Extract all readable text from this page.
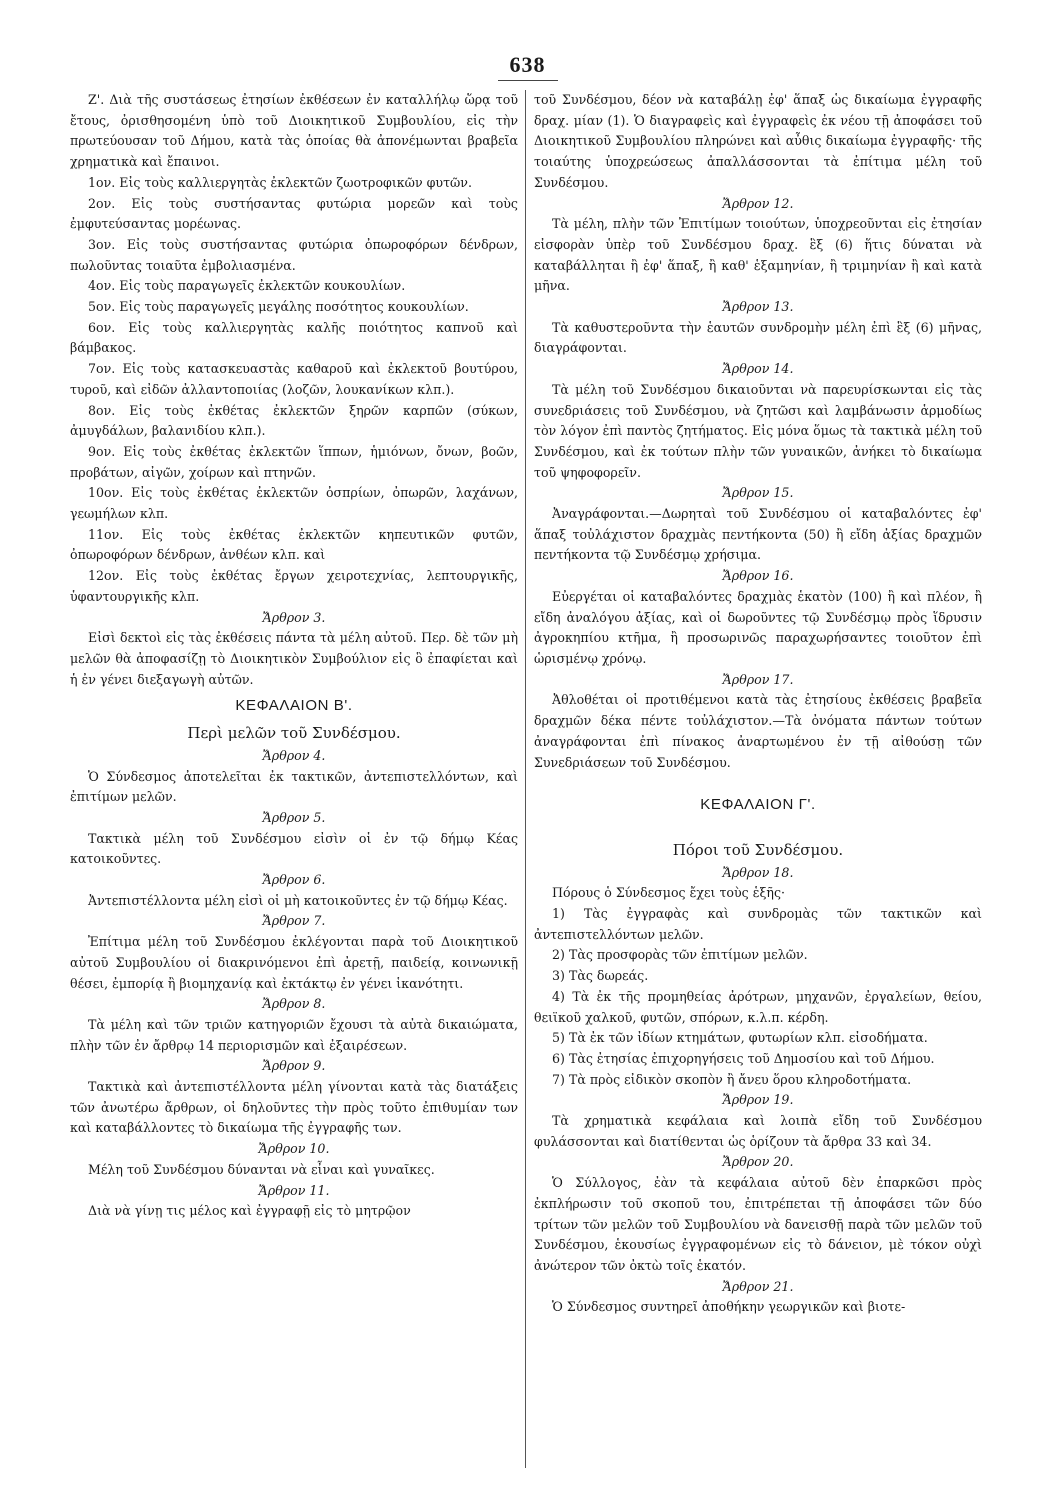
638

Ζ'. Διὰ τῆς συστάσεως ἐτησίων ἐκθέσεων ἐν καταλλήλῳ ὥρᾳ τοῦ ἔτους, ὀρισθησομένη ὑπὸ τοῦ Διοικητικοῦ Συμβουλίου, εἰς τὴν πρωτεύουσαν τοῦ Δήμου, κατὰ τὰς ὁποίας θὰ ἀπονέμωνται βραβεῖα χρηματικὰ καὶ ἔπαινοι.

1ον. Εἰς τοὺς καλλιεργητὰς ἐκλεκτῶν ζωοτροφικῶν φυτῶν.

2ον. Εἰς τοὺς συστήσαντας φυτώρια μορεῶν καὶ τοὺς ἐμφυτεύσαντας μορέωνας.

3ον. Εἰς τοὺς συστήσαντας φυτώρια ὀπωροφόρων δένδρων, πωλοῦντας τοιαῦτα ἐμβολιασμένα.

4ον. Εἰς τοὺς παραγωγεῖς ἐκλεκτῶν κουκουλίων.

5ον. Εἰς τοὺς παραγωγεῖς μεγάλης ποσότητος κουκουλίων.

6ον. Εἰς τοὺς καλλιεργητὰς καλῆς ποιότητος καπνοῦ καὶ βάμβακος.

7ον. Εἰς τοὺς κατασκευαστὰς καθαροῦ καὶ ἐκλεκτοῦ βουτύρου, τυροῦ, καὶ εἰδῶν ἀλλαντοποιίας (λοζῶν, λουκανίκων κλπ.).

8ον. Εἰς τοὺς ἐκθέτας ἐκλεκτῶν ξηρῶν καρπῶν (σύκων, ἀμυγδάλων, βαλανιδίου κλπ.).

9ον. Εἰς τοὺς ἐκθέτας ἐκλεκτῶν ἵππων, ἡμιόνων, ὄνων, βοῶν, προβάτων, αἰγῶν, χοίρων καὶ πτηνῶν.

10ον. Εἰς τοὺς ἐκθέτας ἐκλεκτῶν ὀσπρίων, ὀπωρῶν, λαχάνων, γεωμήλων κλπ.

11ον. Εἰς τοὺς ἐκθέτας ἐκλεκτῶν κηπευτικῶν φυτῶν, ὀπωροφόρων δένδρων, ἀνθέων κλπ. καὶ

12ον. Εἰς τοὺς ἐκθέτας ἔργων χειροτεχνίας, λεπτουργικῆς, ὑφαντουργικῆς κλπ.

Ἄρθρον 3.

Εἰσὶ δεκτοὶ εἰς τὰς ἐκθέσεις πάντα τὰ μέλη αὐτοῦ. Περ. δὲ τῶν μὴ μελῶν θὰ ἀποφασίζῃ τὸ Διοικητικὸν Συμβούλιον εἰς ὃ ἐπαφίεται καὶ ἡ ἐν γένει διεξαγωγὴ αὐτῶν.

ΚΕΦΑΛΑΙΟΝ Β'.
Περὶ μελῶν τοῦ Συνδέσμου.
Ἄρθρον 4.

Ὁ Σύνδεσμος ἀποτελεῖται ἐκ τακτικῶν, ἀντεπιστελλόντων, καὶ ἐπιτίμων μελῶν.

Ἄρθρον 5.

Τακτικὰ μέλη τοῦ Συνδέσμου εἰσὶν οἱ ἐν τῷ δήμῳ Κέας κατοικοῦντες.

Ἄρθρον 6.

Ἀντεπιστέλλοντα μέλη εἰσὶ οἱ μὴ κατοικοῦντες ἐν τῷ δήμῳ Κέας.

Ἄρθρον 7.

Ἐπίτιμα μέλη τοῦ Συνδέσμου ἐκλέγονται παρὰ τοῦ Διοικητικοῦ αὐτοῦ Συμβουλίου οἱ διακρινόμενοι ἐπὶ ἀρετῇ, παιδείᾳ, κοινωνικῇ θέσει, ἐμπορίᾳ ἢ βιομηχανίᾳ καὶ ἐκτάκτῳ ἐν γένει ἱκανότητι.

Ἄρθρον 8.

Τὰ μέλη καὶ τῶν τριῶν κατηγοριῶν ἔχουσι τὰ αὐτὰ δικαιώματα, πλὴν τῶν ἐν ἄρθρῳ 14 περιορισμῶν καὶ ἐξαιρέσεων.

Ἄρθρον 9.

Τακτικὰ καὶ ἀντεπιστέλλοντα μέλη γίνονται κατὰ τὰς διατάξεις τῶν ἀνωτέρω ἄρθρων, οἱ δηλοῦντες τὴν πρὸς τοῦτο ἐπιθυμίαν των καὶ καταβάλλοντες τὸ δικαίωμα τῆς ἐγγραφῆς των.

Ἄρθρον 10.

Μέλη τοῦ Συνδέσμου δύνανται νὰ εἶναι καὶ γυναῖκες.

Ἄρθρον 11.

Διὰ νὰ γίνῃ τις μέλος καὶ ἐγγραφῇ εἰς τὸ μητρῷον

τοῦ Συνδέσμου, δέον νὰ καταβάλῃ ἐφ' ἅπαξ ὡς δικαίωμα ἐγγραφῆς δραχ. μίαν (1). Ὁ διαγραφεὶς καὶ ἐγγραφεὶς ἐκ νέου τῇ ἀποφάσει τοῦ Διοικητικοῦ Συμβουλίου πληρώνει καὶ αὖθις δικαίωμα ἐγγραφῆς· τῆς τοιαύτης ὑποχρεώσεως ἀπαλλάσσονται τὰ ἐπίτιμα μέλη τοῦ Συνδέσμου.

Ἄρθρον 12.

Τὰ μέλη, πλὴν τῶν Ἐπιτίμων τοιούτων, ὑποχρεοῦνται εἰς ἐτησίαν εἰσφορὰν ὑπὲρ τοῦ Συνδέσμου δραχ. ἓξ (6) ἥτις δύναται νὰ καταβάλληται ἢ ἐφ' ἅπαξ, ἢ καθ' ἑξαμηνίαν, ἢ τριμηνίαν ἢ καὶ κατὰ μῆνα.

Ἄρθρον 13.

Τὰ καθυστεροῦντα τὴν ἑαυτῶν συνδρομὴν μέλη ἐπὶ ἓξ (6) μῆνας, διαγράφονται.

Ἄρθρον 14.

Τὰ μέλη τοῦ Συνδέσμου δικαιοῦνται νὰ παρευρίσκωνται εἰς τὰς συνεδριάσεις τοῦ Συνδέσμου, νὰ ζητῶσι καὶ λαμβάνωσιν ἁρμοδίως τὸν λόγον ἐπὶ παντὸς ζητήματος. Εἰς μόνα ὅμως τὰ τακτικὰ μέλη τοῦ Συνδέσμου, καὶ ἐκ τούτων πλὴν τῶν γυναικῶν, ἀνήκει τὸ δικαίωμα τοῦ ψηφοφορεῖν.

Ἄρθρον 15.

Ἀναγράφονται.—Δωρηταὶ τοῦ Συνδέσμου οἱ καταβαλόντες ἐφ' ἅπαξ τοὐλάχιστον δραχμὰς πεντήκοντα (50) ἢ εἴδη ἀξίας δραχμῶν πεντήκοντα τῷ Συνδέσμῳ χρήσιμα.

Ἄρθρον 16.

Εὐεργέται οἱ καταβαλόντες δραχμὰς ἑκατὸν (100) ἢ καὶ πλέον, ἢ εἴδη ἀναλόγου ἀξίας, καὶ οἱ δωροῦντες τῷ Συνδέσμῳ πρὸς ἵδρυσιν ἀγροκηπίου κτῆμα, ἢ προσωρινῶς παραχωρήσαντες τοιοῦτον ἐπὶ ὡρισμένῳ χρόνῳ.

Ἄρθρον 17.

Ἀθλοθέται οἱ προτιθέμενοι κατὰ τὰς ἐτησίους ἐκθέσεις βραβεῖα δραχμῶν δέκα πέντε τοὐλάχιστον.—Τὰ ὀνόματα πάντων τούτων ἀναγράφονται ἐπὶ πίνακος ἀναρτωμένου ἐν τῇ αἰθούσῃ τῶν Συνεδριάσεων τοῦ Συνδέσμου.

ΚΕΦΑΛΑΙΟΝ Γ'.
Πόροι τοῦ Συνδέσμου.
Ἄρθρον 18.

Πόρους ὁ Σύνδεσμος ἔχει τοὺς ἑξῆς·

1) Τὰς ἐγγραφὰς καὶ συνδρομὰς τῶν τακτικῶν καὶ ἀντεπιστελλόντων μελῶν.

2) Τὰς προσφορὰς τῶν ἐπιτίμων μελῶν.

3) Τὰς δωρεάς.

4) Τὰ ἐκ τῆς προμηθείας ἀρότρων, μηχανῶν, ἐργαλείων, θείου, θειϊκοῦ χαλκοῦ, φυτῶν, σπόρων, κ.λ.π. κέρδη.

5) Τὰ ἐκ τῶν ἰδίων κτημάτων, φυτωρίων κλπ. εἰσοδήματα.

6) Τὰς ἐτησίας ἐπιχορηγήσεις τοῦ Δημοσίου καὶ τοῦ Δήμου.

7) Τὰ πρὸς εἰδικὸν σκοπὸν ἢ ἄνευ ὅρου κληροδοτήματα.

Ἄρθρον 19.

Τὰ χρηματικὰ κεφάλαια καὶ λοιπὰ εἴδη τοῦ Συνδέσμου φυλάσσονται καὶ διατίθενται ὡς ὁρίζουν τὰ ἄρθρα 33 καὶ 34.

Ἄρθρον 20.

Ὁ Σύλλογος, ἐὰν τὰ κεφάλαια αὐτοῦ δὲν ἐπαρκῶσι πρὸς ἐκπλήρωσιν τοῦ σκοποῦ του, ἐπιτρέπεται τῇ ἀποφάσει τῶν δύο τρίτων τῶν μελῶν τοῦ Συμβουλίου νὰ δανεισθῇ παρὰ τῶν μελῶν τοῦ Συνδέσμου, ἑκουσίως ἐγγραφομένων εἰς τὸ δάνειον, μὲ τόκον οὐχὶ ἀνώτερον τῶν ὀκτὼ τοῖς ἑκατόν.

Ἄρθρον 21.

Ὁ Σύνδεσμος συντηρεῖ ἀποθήκην γεωργικῶν καὶ βιοτε-
